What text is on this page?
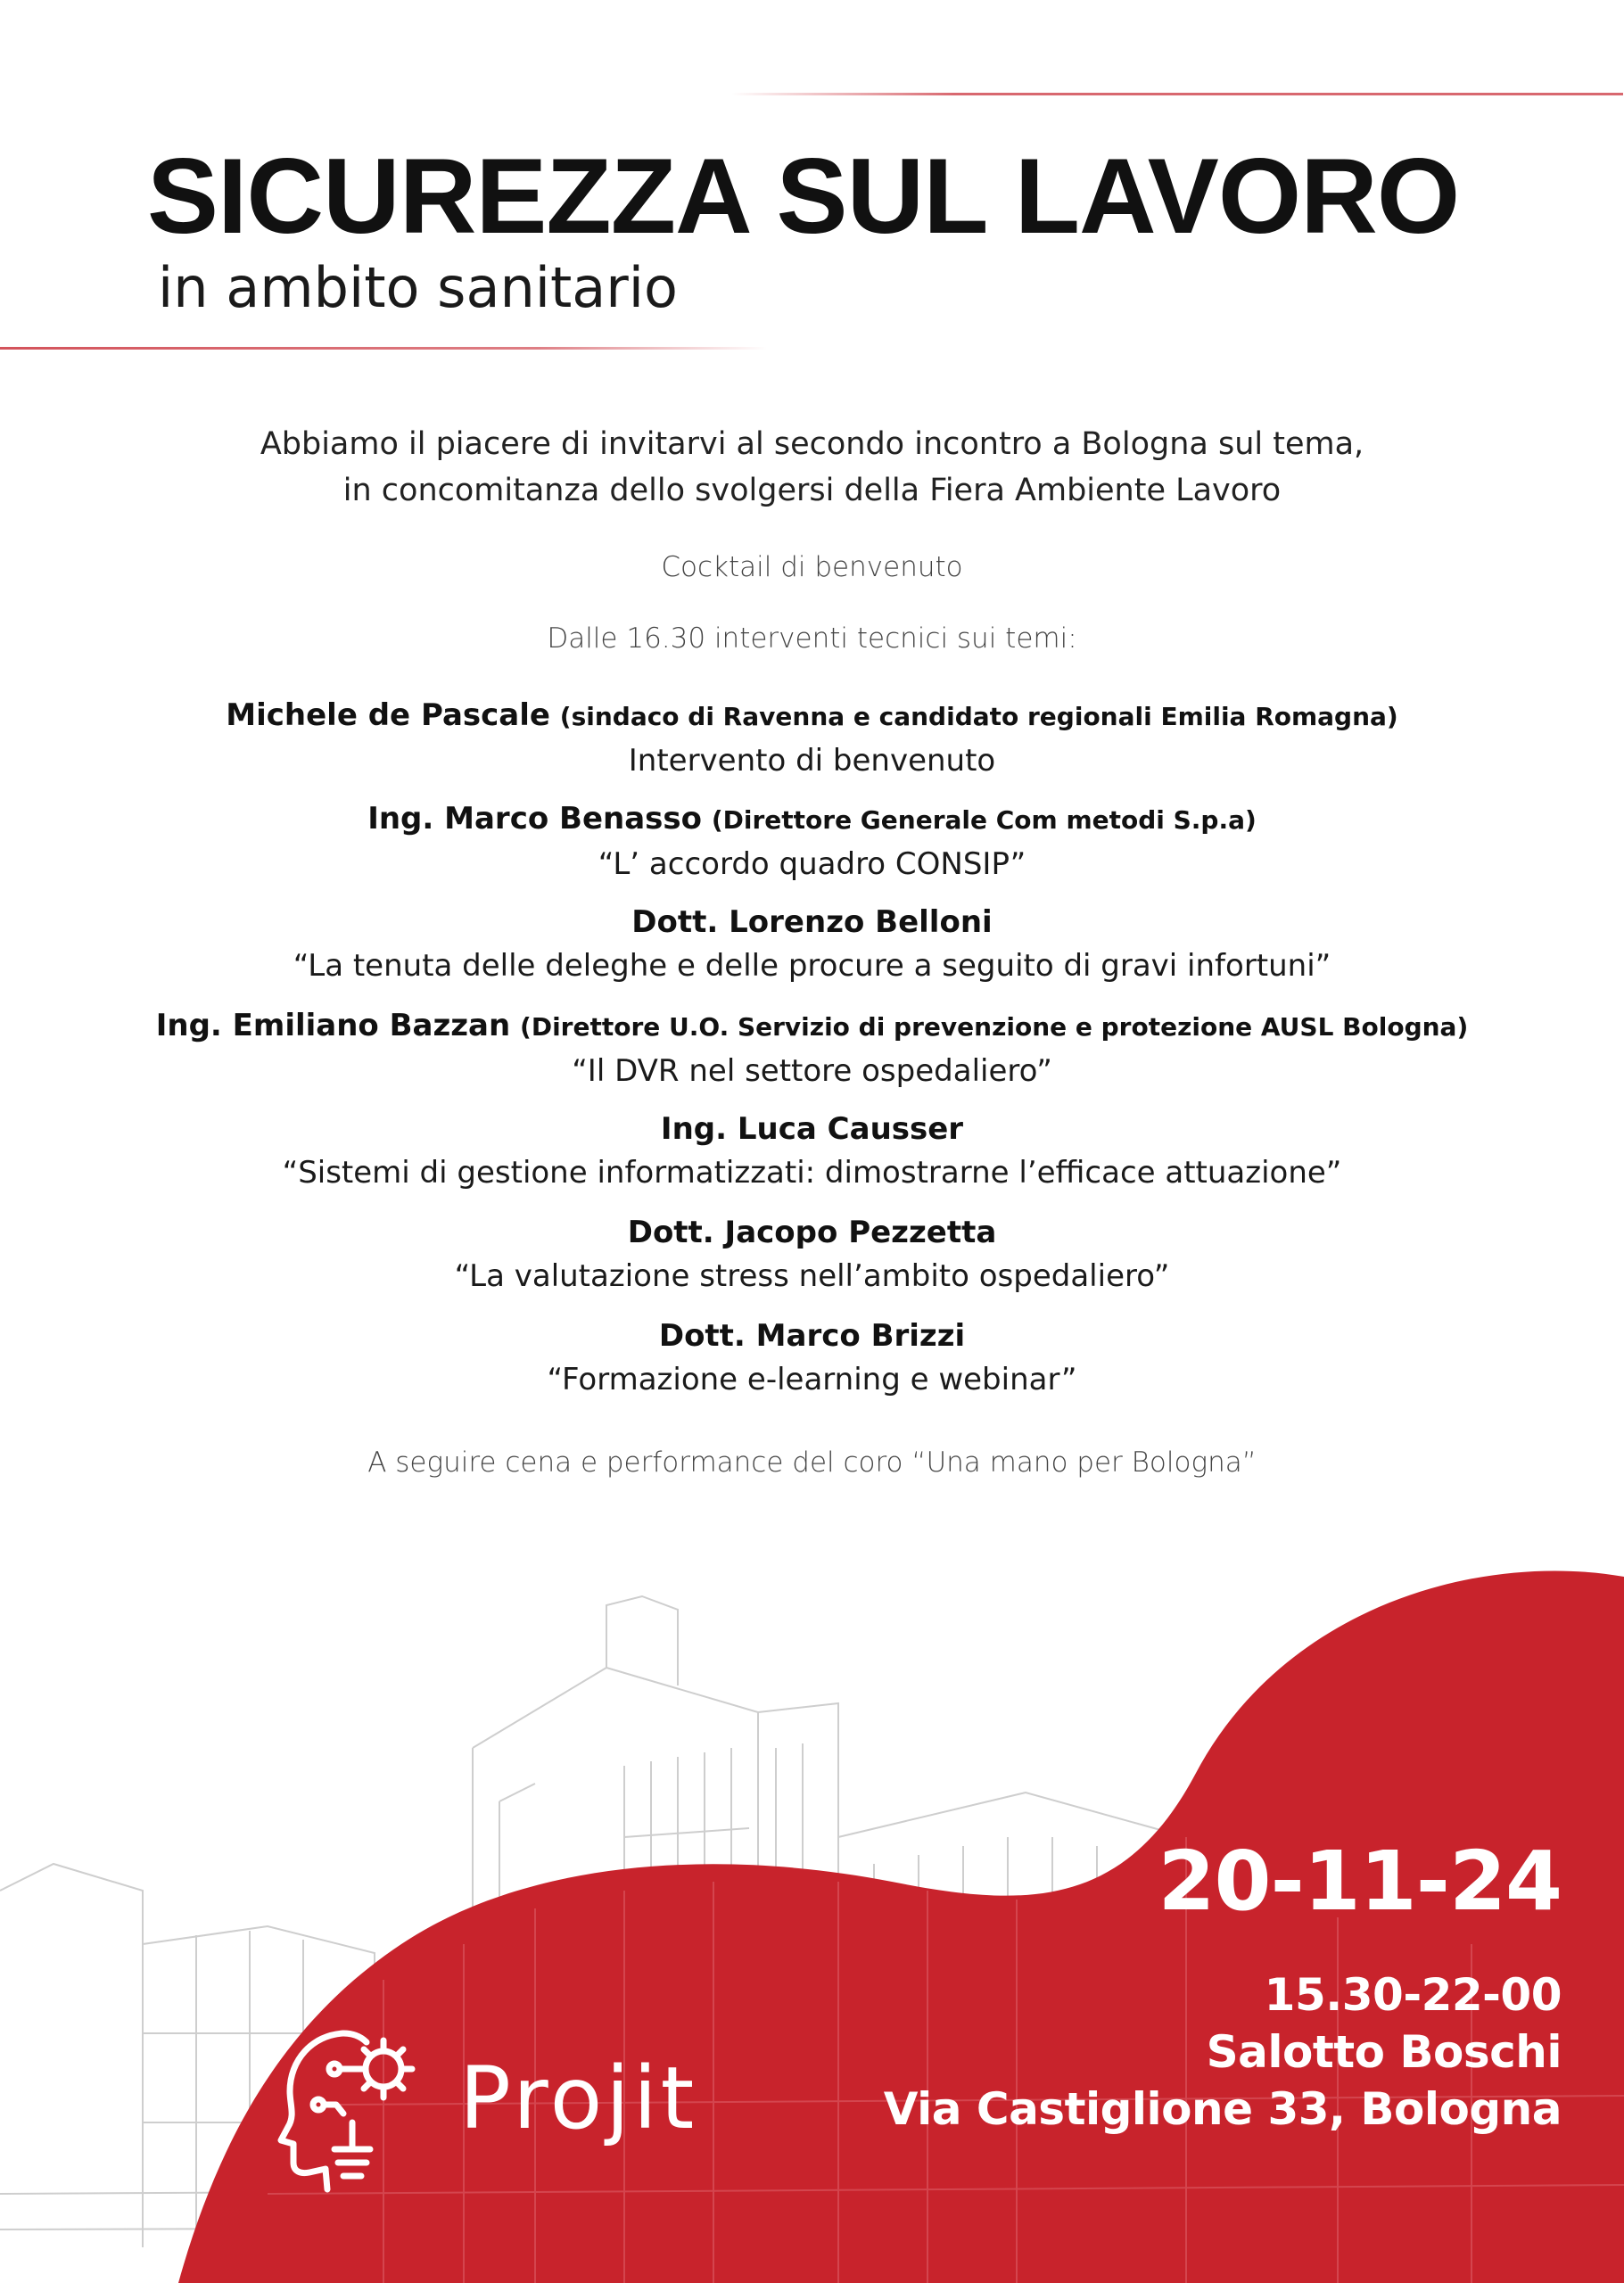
SICUREZZA SUL LAVORO
in ambito sanitario
Abbiamo il piacere di invitarvi al secondo incontro a Bologna sul tema,
in concomitanza dello svolgersi della Fiera Ambiente Lavoro
Cocktail di benvenuto
Dalle 16.30 interventi tecnici sui temi:
Michele de Pascale (sindaco di Ravenna e candidato regionali Emilia Romagna)
Intervento di benvenuto
Ing. Marco Benasso (Direttore Generale Com metodi S.p.a)
“L’ accordo quadro CONSIP”
Dott. Lorenzo Belloni
“La tenuta delle deleghe e delle procure a seguito di gravi infortuni”
Ing. Emiliano Bazzan (Direttore U.O. Servizio di prevenzione e protezione AUSL Bologna)
“Il DVR nel settore ospedaliero”
Ing. Luca Causser
“Sistemi di gestione informatizzati: dimostrarne l’efficace attuazione”
Dott. Jacopo Pezzetta
“La valutazione stress nell’ambito ospedaliero”
Dott. Marco Brizzi
“Formazione e-learning e webinar”
A seguire cena e performance del coro “Una mano per Bologna”
20-11-24
15.30-22-00
Salotto Boschi
Via Castiglione 33, Bologna
Projit
